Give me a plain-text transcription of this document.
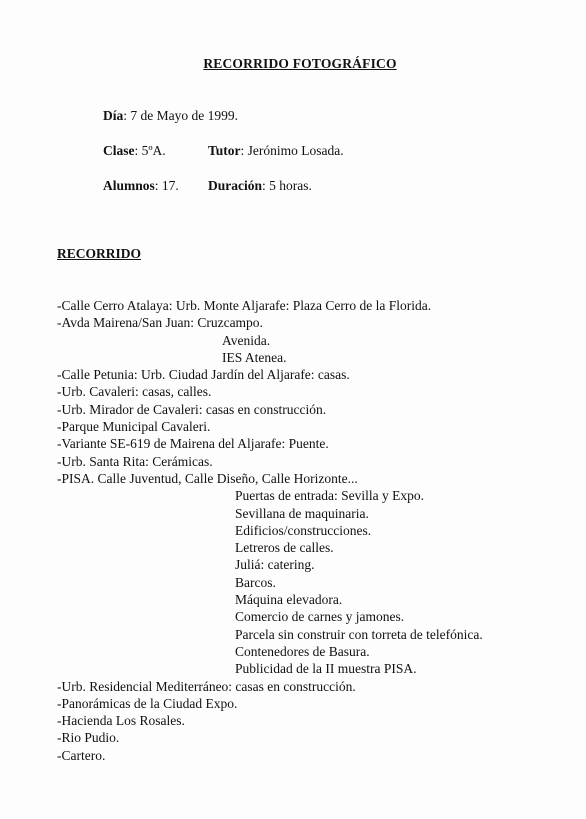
RECORRIDO FOTOGRÁFICO
Día: 7 de Mayo de 1999.
Clase: 5ºA.	Tutor: Jerónimo Losada.
Alumnos: 17. Duración: 5 horas.
RECORRIDO
-Calle Cerro Atalaya: Urb. Monte Aljarafe: Plaza Cerro de la Florida.
-Avda Mairena/San Juan: Cruzcampo.
Avenida.
IES Atenea.
-Calle Petunia: Urb. Ciudad Jardín del Aljarafe: casas.
-Urb. Cavaleri: casas, calles.
-Urb. Mirador de Cavaleri: casas en construcción.
-Parque Municipal Cavaleri.
-Variante SE-619 de Mairena del Aljarafe: Puente.
-Urb. Santa Rita: Cerámicas.
-PISA. Calle Juventud, Calle Diseño, Calle Horizonte...
Puertas de entrada: Sevilla y Expo.
Sevillana de maquinaria.
Edificios/construcciones.
Letreros de calles.
Juliá: catering.
Barcos.
Máquina elevadora.
Comercio de carnes y jamones.
Parcela sin construir con torreta de telefónica.
Contenedores de Basura.
Publicidad de la II muestra PISA.
-Urb. Residencial Mediterráneo: casas en construcción.
-Panorámicas de la Ciudad Expo.
-Hacienda Los Rosales.
-Rio Pudio.
-Cartero.
